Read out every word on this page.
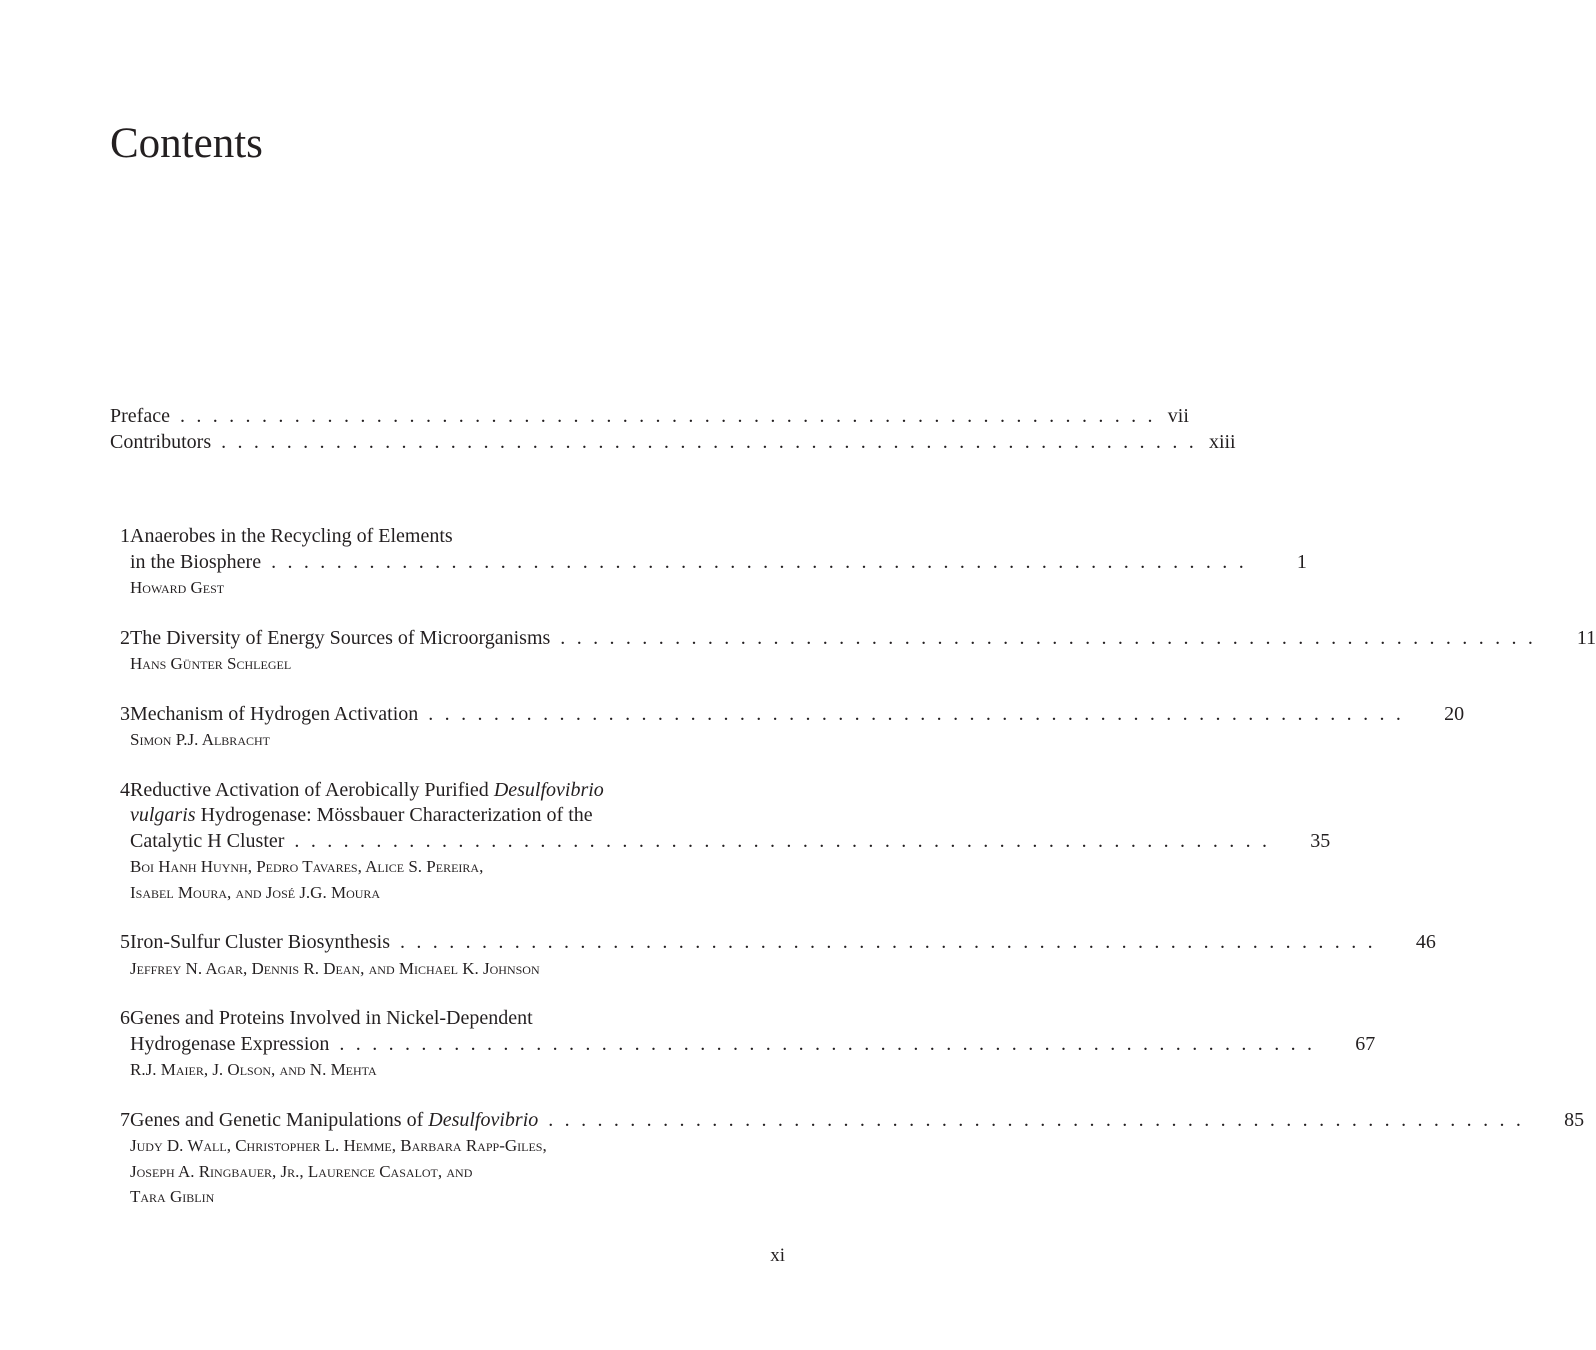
Contents
Preface . . . . . . . . . . . . . . . . . . . . . . . . . . . . . . . . . . . . . . . . . . . . . . . . . . . . . . . . . . . . vii
Contributors . . . . . . . . . . . . . . . . . . . . . . . . . . . . . . . . . . . . . . . . . . . . . . . . . . . . . . . . . . . . xiii
1 Anaerobes in the Recycling of Elements
in the Biosphere . . . . . . . . . . . . . . . . . . . . . . . . . . . . . . . . . . . . . . . . . . . . . . . . . . . . . . . . . . . .	1
Howard Gest
2 The Diversity of Energy Sources of Microorganisms . . . . . . . . . . . . . . . . . . . . . . . . . . . . . . . . . . . . . . . . . . . . . . . . . . . . . . . . . . . .	11
Hans Günter Schlegel
3 Mechanism of Hydrogen Activation . . . . . . . . . . . . . . . . . . . . . . . . . . . . . . . . . . . . . . . . . . . . . . . . . . . . . . . . . . . .	20
Simon P.J. Albracht
4 Reductive Activation of Aerobically Purified Desulfovibrio
vulgaris Hydrogenase: Mössbauer Characterization of the
Catalytic H Cluster . . . . . . . . . . . . . . . . . . . . . . . . . . . . . . . . . . . . . . . . . . . . . . . . . . . . . . . . . . . .	35
Boi Hanh Huynh, Pedro Tavares, Alice S. Pereira,
Isabel Moura, and José J.G. Moura
5 Iron-Sulfur Cluster Biosynthesis . . . . . . . . . . . . . . . . . . . . . . . . . . . . . . . . . . . . . . . . . . . . . . . . . . . . . . . . . . . .	46
Jeffrey N. Agar, Dennis R. Dean, and Michael K. Johnson
6 Genes and Proteins Involved in Nickel-Dependent
Hydrogenase Expression . . . . . . . . . . . . . . . . . . . . . . . . . . . . . . . . . . . . . . . . . . . . . . . . . . . . . . . . . . . .	67
R.J. Maier, J. Olson, and N. Mehta
7 Genes and Genetic Manipulations of Desulfovibrio . . . . . . . . . . . . . . . . . . . . . . . . . . . . . . . . . . . . . . . . . . . . . . . . . . . . . . . . . . . .	85
Judy D. Wall, Christopher L. Hemme, Barbara Rapp-Giles,
Joseph A. Ringbauer, Jr., Laurence Casalot, and
Tara Giblin
xi
